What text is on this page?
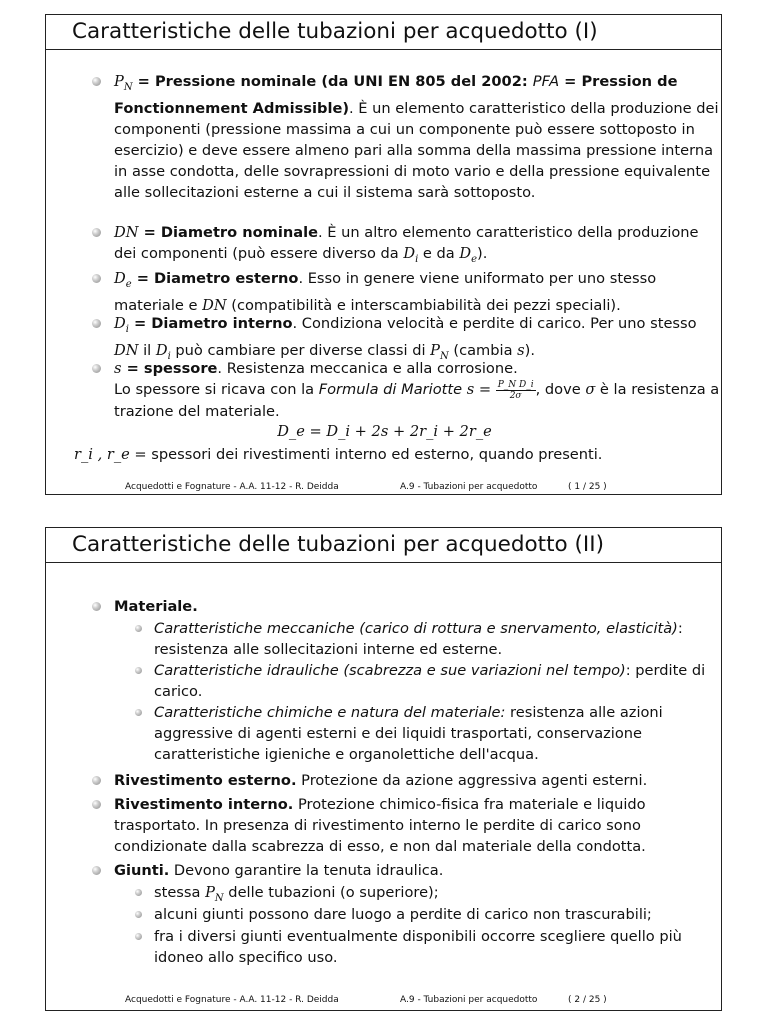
Caratteristiche delle tubazioni per acquedotto (I)
$P_N$ = Pressione nominale (da UNI EN 805 del 2002: PFA = Pression de Fonctionnement Admissible). È un elemento caratteristico della produzione dei componenti (pressione massima a cui un componente può essere sottoposto in esercizio) e deve essere almeno pari alla somma della massima pressione interna in asse condotta, delle sovrapressioni di moto vario e della pressione equivalente alle sollecitazioni esterne a cui il sistema sarà sottoposto.
DN = Diametro nominale. È un altro elemento caratteristico della produzione dei componenti (può essere diverso da $D_i$ e da $D_e$).
$D_e$ = Diametro esterno. Esso in genere viene uniformato per uno stesso materiale e DN (compatibilità e interscambiabilità dei pezzi speciali).
$D_i$ = Diametro interno. Condiziona velocità e perdite di carico. Per uno stesso DN il $D_i$ può cambiare per diverse classi di $P_N$ (cambia s).
s = spessore. Resistenza meccanica e alla corrosione.
Lo spessore si ricava con la Formula di Mariotte $s = \frac{\text{P\_N D\_i}}{2\sigma}$ , dove σ è la resistenza a trazione del materiale.
D_e = D_i + 2s + 2r_i + 2r_e
r_i , r_e = spessori dei rivestimenti interno ed esterno, quando presenti.
Acquedotti e Fognature - A.A. 11-12 - R. Deidda	A.9 - Tubazioni per acquedotto	( 1 / 25 )
Caratteristiche delle tubazioni per acquedotto (II)
Materiale.
Caratteristiche meccaniche (carico di rottura e snervamento, elasticità): resistenza alle sollecitazioni interne ed esterne.
Caratteristiche idrauliche (scabrezza e sue variazioni nel tempo): perdite di carico.
Caratteristiche chimiche e natura del materiale: resistenza alle azioni aggressive di agenti esterni e dei liquidi trasportati, conservazione caratteristiche igieniche e organolettiche dell'acqua.
Rivestimento esterno. Protezione da azione aggressiva agenti esterni.
Rivestimento interno. Protezione chimico-fisica fra materiale e liquido trasportato. In presenza di rivestimento interno le perdite di carico sono condizionate dalla scabrezza di esso, e non dal materiale della condotta.
Giunti. Devono garantire la tenuta idraulica.
stessa $P_N$ delle tubazioni (o superiore);
alcuni giunti possono dare luogo a perdite di carico non trascurabili;
fra i diversi giunti eventualmente disponibili occorre scegliere quello più idoneo allo specifico uso.
Acquedotti e Fognature - A.A. 11-12 - R. Deidda	A.9 - Tubazioni per acquedotto	( 2 / 25 )
